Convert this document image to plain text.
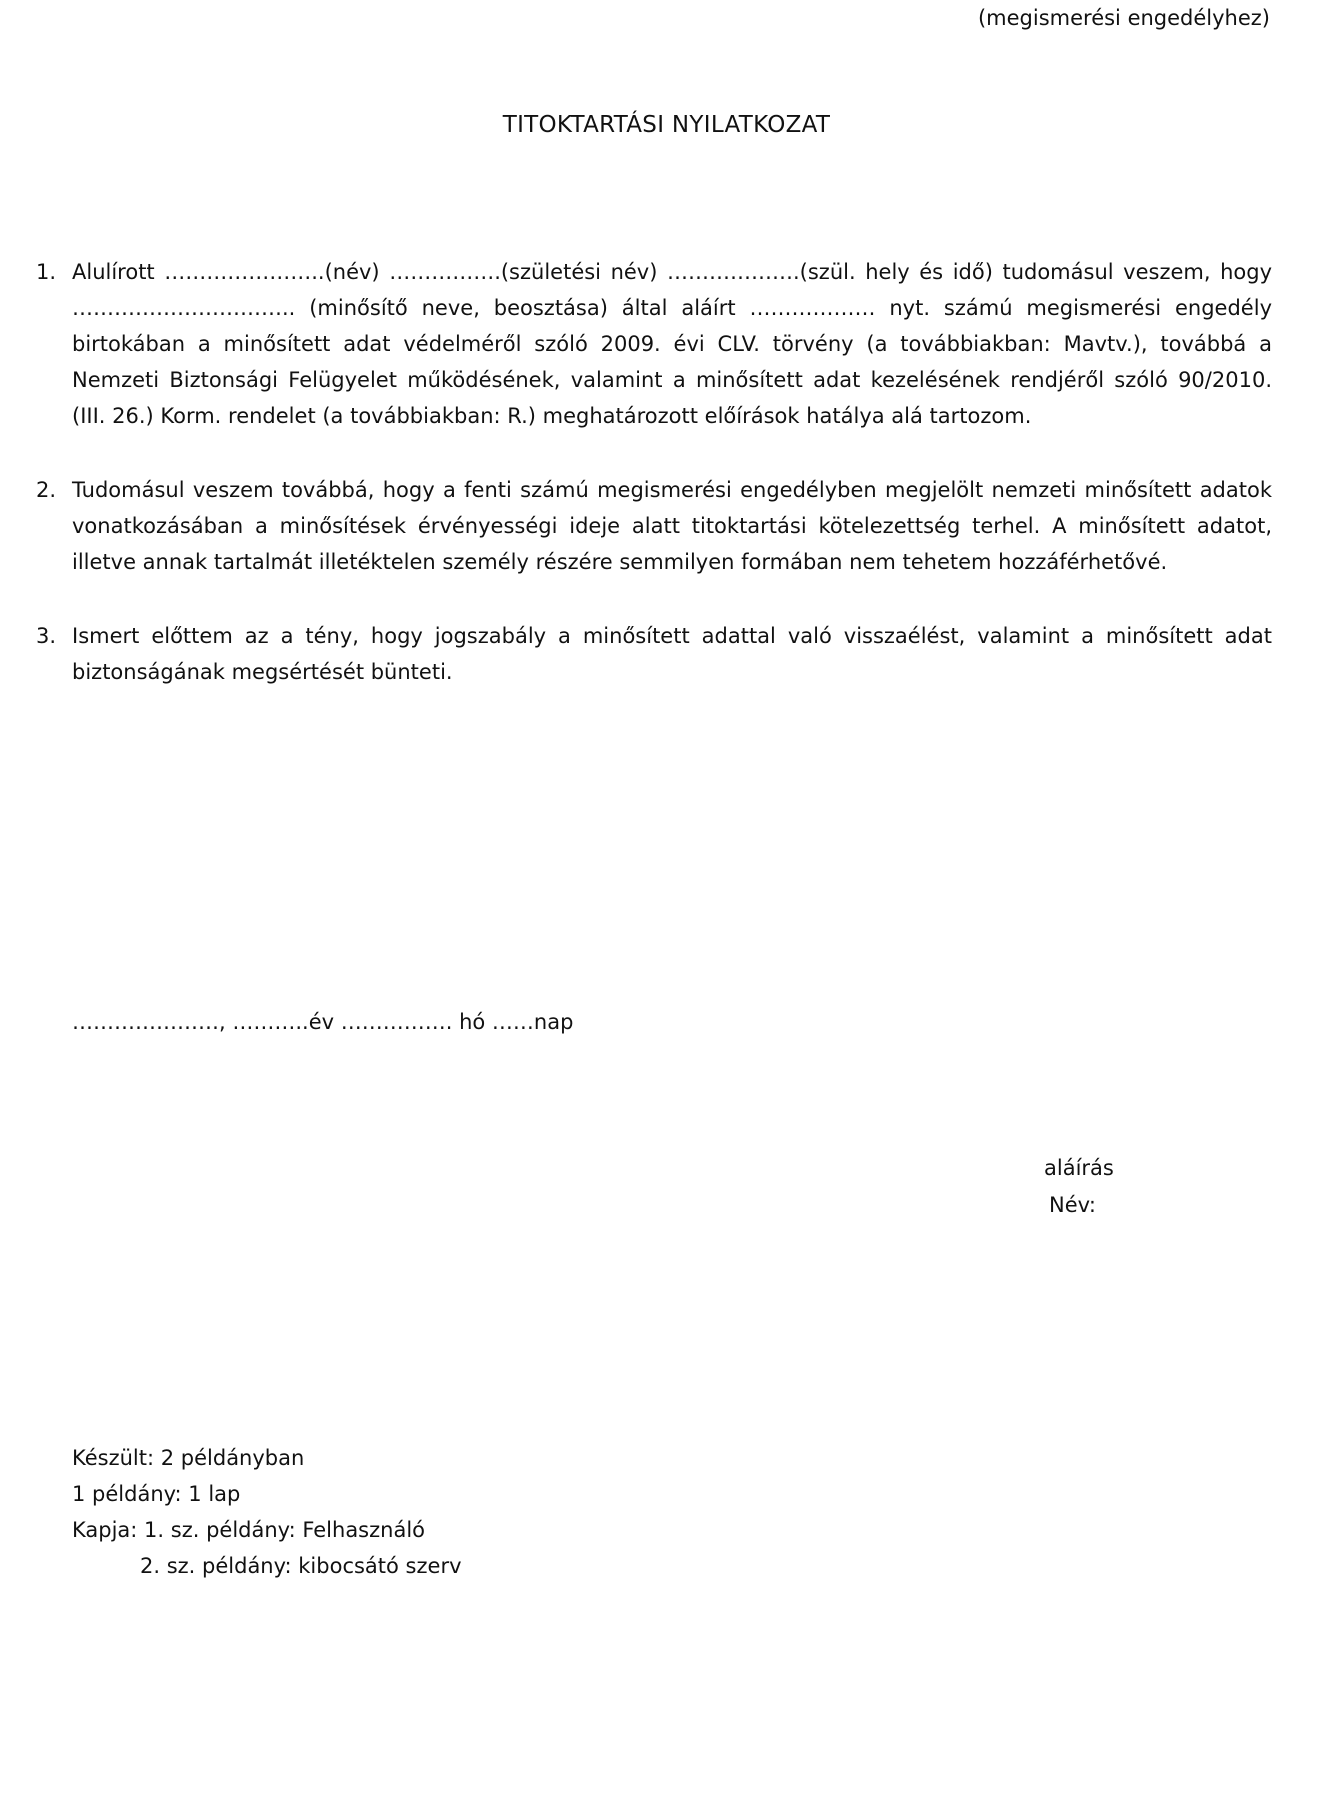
(megismerési engedélyhez)
TITOKTARTÁSI NYILATKOZAT
1. Alulírott …………………..(név) …………….(születési név) ……………….(szül. hely és idő) tudomásul veszem, hogy ………………………….. (minősítő neve, beosztása) által aláírt ……………… nyt. számú megismerési engedély birtokában a minősített adat védelméről szóló 2009. évi CLV. törvény (a továbbiakban: Mavtv.), továbbá a Nemzeti Biztonsági Felügyelet működésének, valamint a minősített adat kezelésének rendjéről szóló 90/2010. (III. 26.) Korm. rendelet (a továbbiakban: R.) meghatározott előírások hatálya alá tartozom.
2. Tudomásul veszem továbbá, hogy a fenti számú megismerési engedélyben megjelölt nemzeti minősített adatok vonatkozásában a minősítések érvényességi ideje alatt titoktartási kötelezettség terhel. A minősített adatot, illetve annak tartalmát illetéktelen személy részére semmilyen formában nem tehetem hozzáférhetővé.
3. Ismert előttem az a tény, hogy jogszabály a minősített adattal való visszaélést, valamint a minősített adat biztonságának megsértését bünteti.
…………………, ………..év ……………. hó ……nap
aláírás
Név:
Készült: 2 példányban
1 példány: 1 lap
Kapja: 1. sz. példány: Felhasználó
2. sz. példány: kibocsátó szerv
